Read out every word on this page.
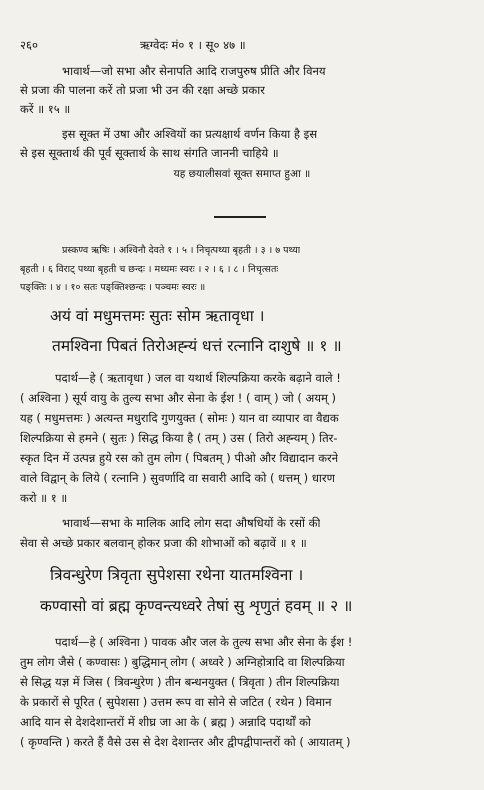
२६०	ऋग्वेदः मं० १ । सू० ४७ ॥
भावार्थ—जो सभा और सेनापति आदि राजपुरुष प्रीति और विनय
से प्रजा की पालना करें तो प्रजा भी उन की रक्षा अच्छे प्रकार
करें ॥ १५ ॥
इस सूक्त में उषा और अश्वियों का प्रत्यक्षार्थ वर्णन किया है इस
से इस सूक्तार्थ की पूर्व सूक्तार्थ के साथ संगति जाननी चाहिये ॥
यह छयालीसवां सूक्त समाप्त हुआ ॥
प्रस्कण्व ऋषिः । अश्विनौ देवते १ । ५ । निचृत्पथ्या बृहती । ३ । ७ पथ्या
बृहती । ६ विराट् पथ्या बृहती च छन्दः । मध्यमः स्वरः । २ । ६ । ८ । निचृत्सतः
पङ्क्तिः । ४ । १० सतः पङ्क्तिश्छन्दः । पञ्चमः स्वरः ॥
अयं वां मधुमत्तमः सुतः सोम ऋतावृधा ।
तमश्विना पिबतं तिरोअह्न्यं धत्तं रत्नानि दाशुषे ॥ १ ॥
पदार्थ—हे ( ऋतावृधा ) जल वा यथार्थ शिल्पक्रिया करके बढ़ाने वाले !
( अश्विना ) सूर्य वायु के तुल्य सभा और सेना के ईश ! ( वाम् ) जो ( अयम् )
यह ( मधुमत्तमः ) अत्यन्त मधुरादि गुणयुक्त ( सोमः ) यान वा व्यापार वा वैद्यक
शिल्पक्रिया से हमने ( सुतः ) सिद्ध किया है ( तम् ) उस ( तिरो अह्न्यम् ) तिर-
स्कृत दिन में उत्पन्न हुये रस को तुम लोग ( पिबतम् ) पीओ और विद्यादान करने
वाले विद्वान् के लिये ( रत्नानि ) सुवर्णादि वा सवारी आदि को ( धत्तम् ) धारण
करो ॥ १ ॥
भावार्थ—सभा के मालिक आदि लोग सदा औषधियों के रसों की
सेवा से अच्छे प्रकार बलवान् होकर प्रजा की शोभाओं को बढ़ावें ॥ १ ॥
त्रिवन्धुरेण त्रिवृता सुपेशसा रथेना यातमश्विना ।
कण्वासो वां ब्रह्म कृण्वन्त्यध्वरे तेषां सु शृणुतं हवम् ॥ २ ॥
पदार्थ—हे ( अश्विना ) पावक और जल के तुल्य सभा और सेना के ईश !
तुम लोग जैसे ( कण्वासः ) बुद्धिमान् लोग ( अध्वरे ) अग्निहोत्रादि वा शिल्पक्रिया
से सिद्ध यज्ञ में जिस ( त्रिवन्धुरेण ) तीन बन्धनयुक्त ( त्रिवृता ) तीन शिल्पक्रिया
के प्रकारों से पूरित ( सुपेशसा ) उत्तम रूप वा सोने से जटित ( रथेन ) विमान
आदि यान से देशदेशान्तरों में शीघ्र जा आ के ( ब्रह्म ) अन्नादि पदार्थों को
( कृण्वन्ति ) करते हैं वैसे उस से देश देशान्तर और द्वीपद्वीपान्तरों को ( आयातम् )
